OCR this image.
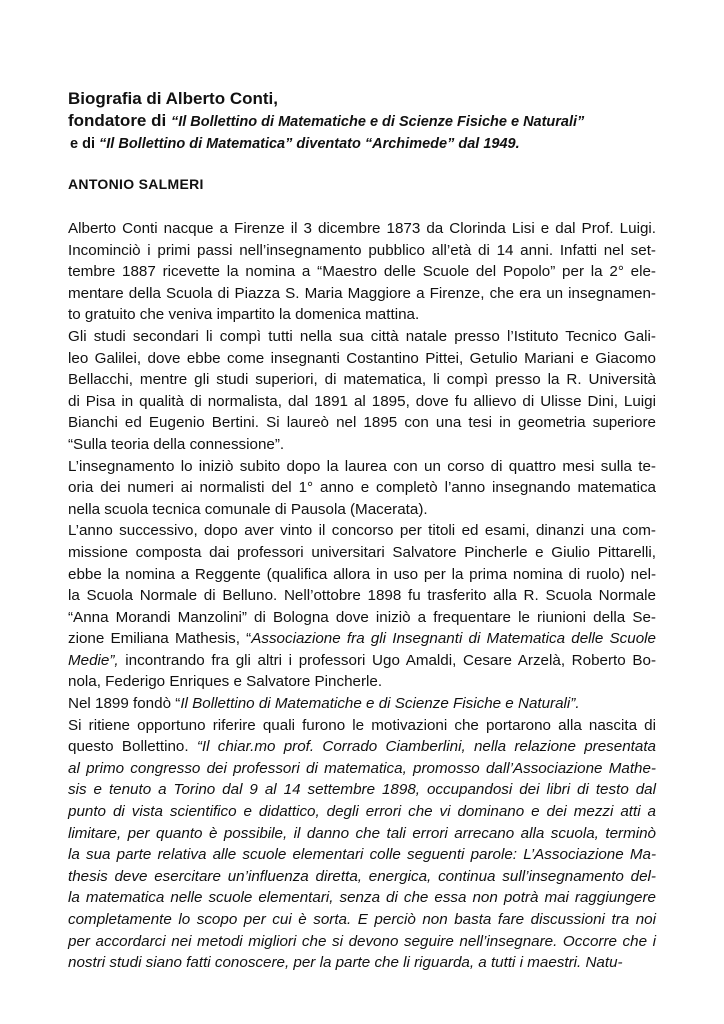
Biografia di Alberto Conti,
fondatore di “Il Bollettino di Matematiche e di Scienze Fisiche e Naturali”
e di “Il Bollettino di Matematica” diventato “Archimede” dal 1949.
ANTONIO SALMERI
Alberto Conti nacque a Firenze il 3 dicembre 1873 da Clorinda Lisi e dal Prof. Luigi.
Incominciò i primi passi nell’insegnamento pubblico all’età di 14 anni. Infatti nel set-
tembre 1887 ricevette la nomina a “Maestro delle Scuole del Popolo” per la 2° ele-
mentare della Scuola di Piazza S. Maria Maggiore a Firenze, che era un insegnamen-
to gratuito che veniva impartito la domenica mattina.
Gli studi secondari li compì tutti nella sua città natale presso l’Istituto Tecnico Gali-
leo Galilei, dove ebbe come insegnanti Costantino Pittei, Getulio Mariani e Giacomo
Bellacchi, mentre gli studi superiori, di matematica, li compì presso la R. Università
di Pisa in qualità di normalista, dal 1891 al 1895, dove fu allievo di Ulisse Dini, Luigi
Bianchi ed Eugenio Bertini. Si laureò nel 1895 con una tesi in geometria superiore
“Sulla teoria della connessione”.
L’insegnamento lo iniziò subito dopo la laurea con un corso di quattro mesi sulla te-
oria dei numeri ai normalisti del 1° anno e completò l’anno insegnando matematica
nella scuola tecnica comunale di Pausola (Macerata).
L’anno successivo, dopo aver vinto il concorso per titoli ed esami, dinanzi una com-
missione composta dai professori universitari Salvatore Pincherle e Giulio Pittarelli,
ebbe la nomina a Reggente (qualifica allora in uso per la prima nomina di ruolo) nel-
la Scuola Normale di Belluno. Nell’ottobre 1898 fu trasferito alla R. Scuola Normale
“Anna Morandi Manzolini” di Bologna dove iniziò a frequentare le riunioni della Se-
zione Emiliana Mathesis, “Associazione fra gli Insegnanti di Matematica delle Scuole
Medie”, incontrando fra gli altri i professori Ugo Amaldi, Cesare Arzelà, Roberto Bo-
nola, Federigo Enriques e Salvatore Pincherle.
Nel 1899 fondò “Il Bollettino di Matematiche e di Scienze Fisiche e Naturali”.
Si ritiene opportuno riferire quali furono le motivazioni che portarono alla nascita di
questo Bollettino. “Il chiar.mo prof. Corrado Ciamberlini, nella relazione presentata
al primo congresso dei professori di matematica, promosso dall’Associazione Mathe-
sis e tenuto a Torino dal 9 al 14 settembre 1898, occupandosi dei libri di testo dal
punto di vista scientifico e didattico, degli errori che vi dominano e dei mezzi atti a
limitare, per quanto è possibile, il danno che tali errori arrecano alla scuola, terminò
la sua parte relativa alle scuole elementari colle seguenti parole: L’Associazione Ma-
thesis deve esercitare un’influenza diretta, energica, continua sull’insegnamento del-
la matematica nelle scuole elementari, senza di che essa non potrà mai raggiungere
completamente lo scopo per cui è sorta. E perciò non basta fare discussioni tra noi
per accordarci nei metodi migliori che si devono seguire nell’insegnare. Occorre che i
nostri studi siano fatti conoscere, per la parte che li riguarda, a tutti i maestri. Natu-
